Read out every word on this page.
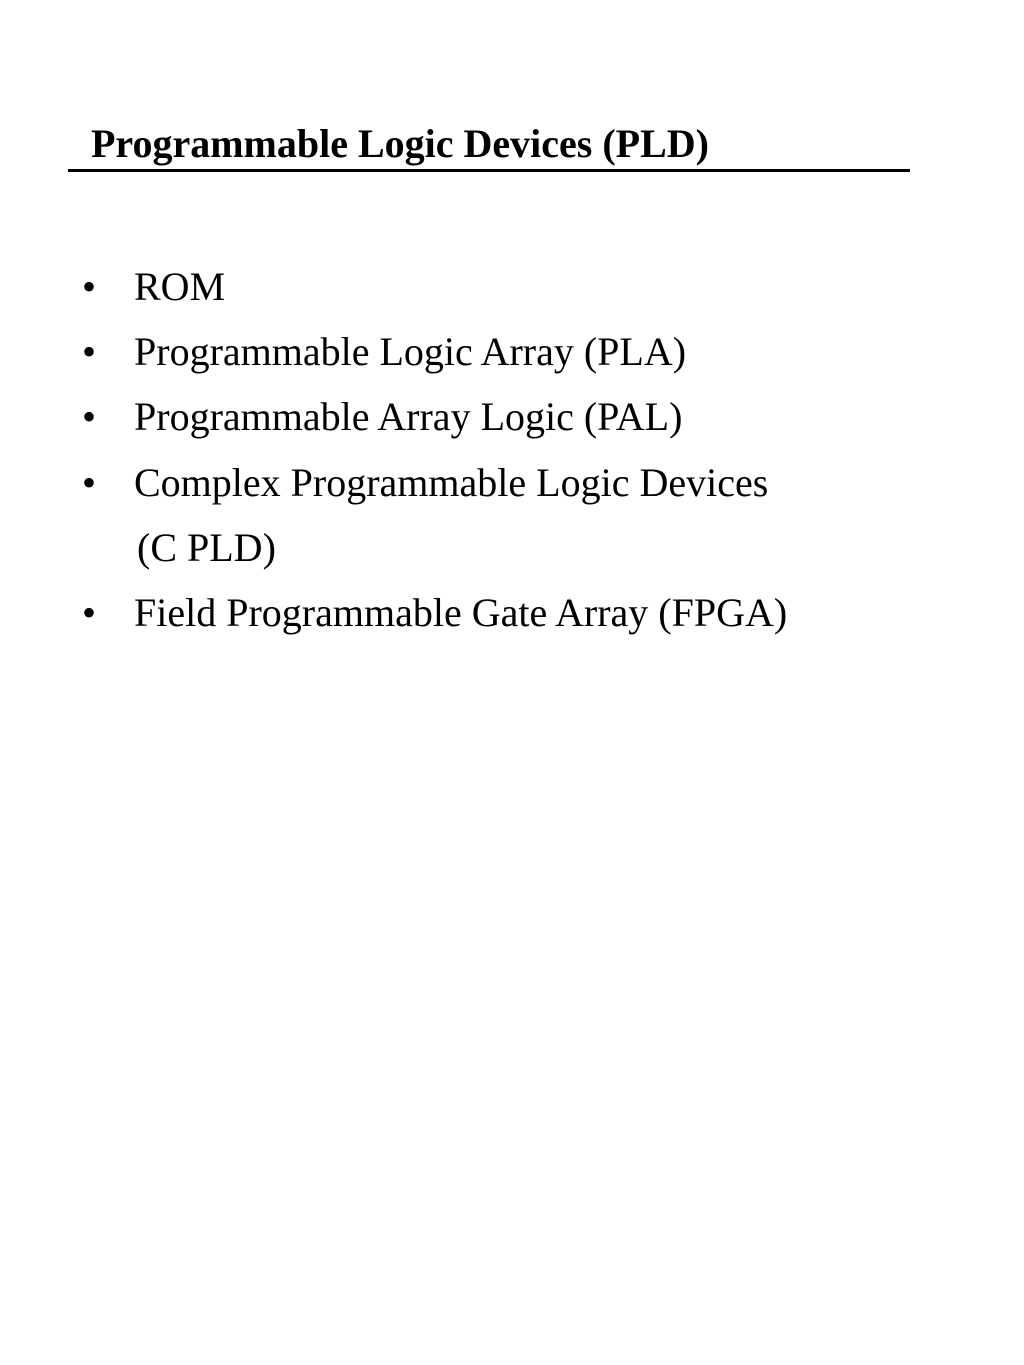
Programmable Logic Devices (PLD)
• ROM
• Programmable Logic Array (PLA)
• Programmable Array Logic (PAL)
• Complex Programmable Logic Devices
(C PLD)
• Field Programmable Gate Array (FPGA)
